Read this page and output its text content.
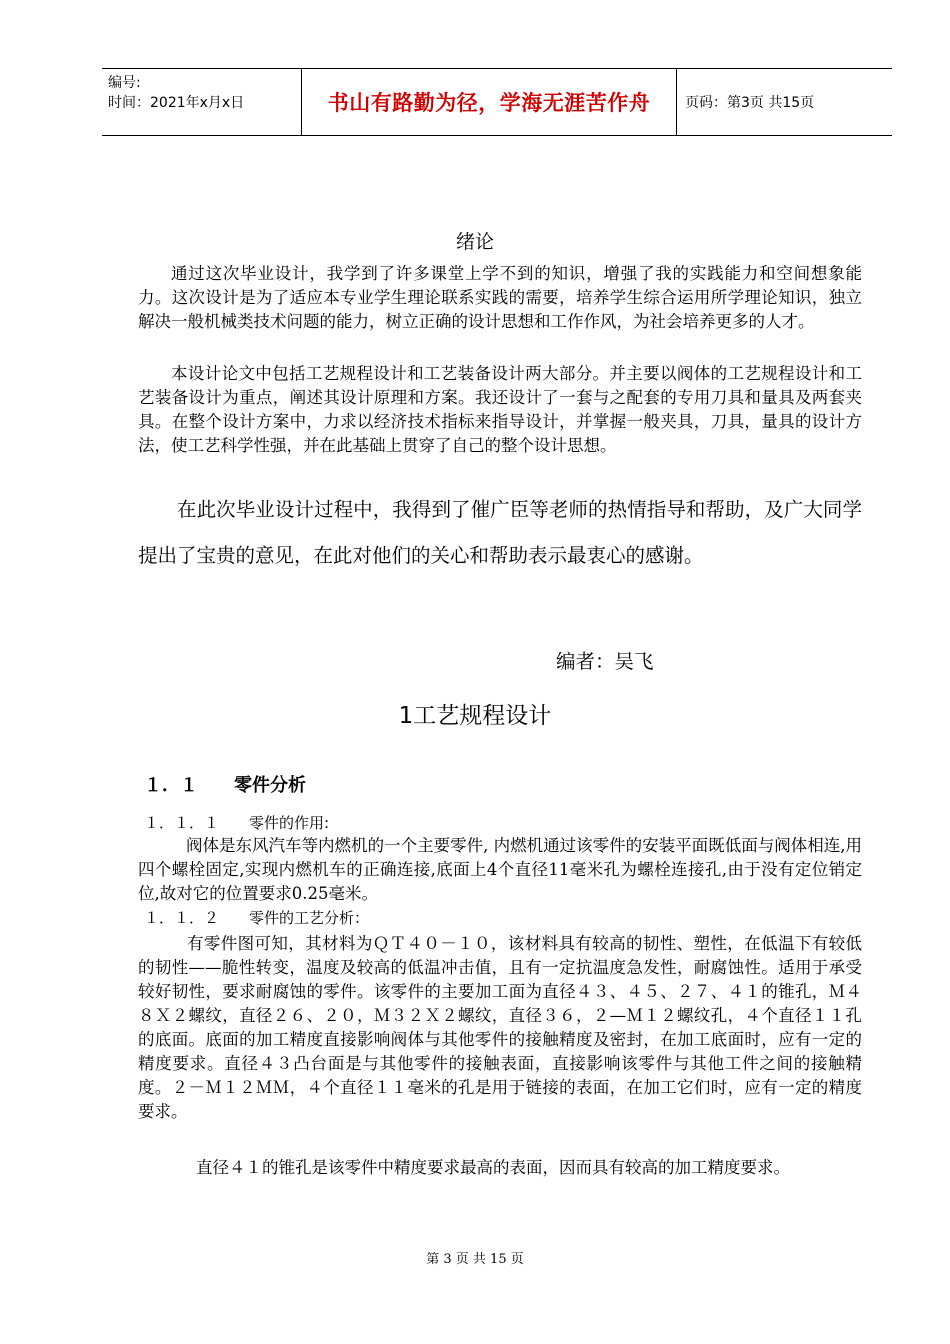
编号:
时间：2021年x月x日	书山有路勤为径，学海无涯苦作舟	页码：第3页 共15页
绪论
通过这次毕业设计，我学到了许多课堂上学不到的知识，增强了我的实践能力和空间想象能力。这次设计是为了适应本专业学生理论联系实践的需要，培养学生综合运用所学理论知识，独立解决一般机械类技术问题的能力，树立正确的设计思想和工作作风，为社会培养更多的人才。
本设计论文中包括工艺规程设计和工艺装备设计两大部分。并主要以阀体的工艺规程设计和工艺装备设计为重点，阐述其设计原理和方案。我还设计了一套与之配套的专用刀具和量具及两套夹具。在整个设计方案中，力求以经济技术指标来指导设计，并掌握一般夹具，刀具，量具的设计方法，使工艺科学性强，并在此基础上贯穿了自己的整个设计思想。
在此次毕业设计过程中，我得到了催广臣等老师的热情指导和帮助，及广大同学提出了宝贵的意见，在此对他们的关心和帮助表示最衷心的感谢。
编者：吴飞
1工艺规程设计
１．１　　零件分析
１．１．１　　零件的作用:
阀体是东风汽车等内燃机的一个主要零件, 内燃机通过该零件的安装平面既低面与阀体相连,用四个螺栓固定,实现内燃机车的正确连接,底面上4个直径11毫米孔为螺栓连接孔,由于没有定位销定位,故对它的位置要求0.25毫米。
１．１．２　　零件的工艺分析：
有零件图可知，其材料为ＱＴ４０－１０，该材料具有较高的韧性、塑性，在低温下有较低的韧性——脆性转变，温度及较高的低温冲击值，且有一定抗温度急发性，耐腐蚀性。适用于承受较好韧性，要求耐腐蚀的零件。该零件的主要加工面为直径４３、４５、２７、４１的锥孔，Ｍ４８Ｘ２螺纹，直径２６、２０，Ｍ３２Ｘ２螺纹，直径３６，２—Ｍ１２螺纹孔，４个直径１１孔的底面。底面的加工精度直接影响阀体与其他零件的接触精度及密封，在加工底面时，应有一定的精度要求。直径４３凸台面是与其他零件的接触表面，直接影响该零件与其他工件之间的接触精度。２－Ｍ１２ＭＭ，４个直径１１毫米的孔是用于链接的表面，在加工它们时，应有一定的精度要求。
直径４１的锥孔是该零件中精度要求最高的表面，因而具有较高的加工精度要求。
第 3 页 共 15 页
